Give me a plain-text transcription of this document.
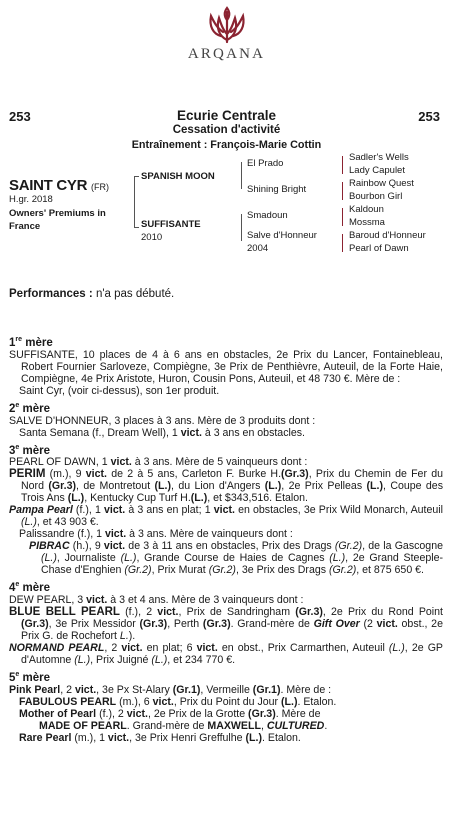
ARQANA
253	253
Ecurie Centrale
Cessation d'activité
Entraînement : François-Marie Cottin
SAINT CYR (FR)
H.gr. 2018
Owners' Premiums in France
SPANISH MOON
SUFFISANTE
2010
El Prado
Shining Bright
Smadoun
Salve d'Honneur
2004
Sadler's Wells
Lady Capulet
Rainbow Quest
Bourbon Girl
Kaldoun
Mossma
Baroud d'Honneur
Pearl of Dawn
Performances : n'a pas débuté.
1re mère
SUFFISANTE, 10 places de 4 à 6 ans en obstacles, 2e Prix du Lancer, Fontainebleau, Robert Fournier Sarloveze, Compiègne, 3e Prix de Penthièvre, Auteuil, de la Forte Haie, Compiègne, 4e Prix Aristote, Huron, Cousin Pons, Auteuil, et 48 730 €. Mère de :
Saint Cyr, (voir ci-dessus), son 1er produit.
2e mère
SALVE D'HONNEUR, 3 places à 3 ans. Mère de 3 produits dont :
Santa Semana (f., Dream Well), 1 vict. à 3 ans en obstacles.
3e mère
PEARL OF DAWN, 1 vict. à 3 ans. Mère de 5 vainqueurs dont :
PERIM (m.), 9 vict. de 2 à 5 ans, Carleton F. Burke H.(Gr.3), Prix du Chemin de Fer du Nord (Gr.3), de Montretout (L.), du Lion d'Angers (L.), 2e Prix Pelleas (L.), Coupe des Trois Ans (L.), Kentucky Cup Turf H.(L.), et $343,516. Etalon.
Pampa Pearl (f.), 1 vict. à 3 ans en plat; 1 vict. en obstacles, 3e Prix Wild Monarch, Auteuil (L.), et 43 903 €.
Palissandre (f.), 1 vict. à 3 ans. Mère de vainqueurs dont :
PIBRAC (h.), 9 vict. de 3 à 11 ans en obstacles, Prix des Drags (Gr.2), de la Gascogne (L.), Journaliste (L.), Grande Course de Haies de Cagnes (L.), 2e Grand Steeple-Chase d'Enghien (Gr.2), Prix Murat (Gr.2), 3e Prix des Drags (Gr.2), et 875 650 €.
4e mère
DEW PEARL, 3 vict. à 3 et 4 ans. Mère de 3 vainqueurs dont :
BLUE BELL PEARL (f.), 2 vict., Prix de Sandringham (Gr.3), 2e Prix du Rond Point (Gr.3), 3e Prix Messidor (Gr.3), Perth (Gr.3). Grand-mère de Gift Over (2 vict. obst., 2e Prix G. de Rochefort L.).
NORMAND PEARL, 2 vict. en plat; 6 vict. en obst., Prix Carmarthen, Auteuil (L.), 2e GP d'Automne (L.), Prix Juigné (L.), et 234 770 €.
5e mère
Pink Pearl, 2 vict., 3e Px St-Alary (Gr.1), Vermeille (Gr.1). Mère de :
FABULOUS PEARL (m.), 6 vict., Prix du Point du Jour (L.). Etalon.
Mother of Pearl (f.), 2 vict., 2e Prix de la Grotte (Gr.3). Mère de
MADE OF PEARL. Grand-mère de MAXWELL, CULTURED.
Rare Pearl (m.), 1 vict., 3e Prix Henri Greffulhe (L.). Etalon.
